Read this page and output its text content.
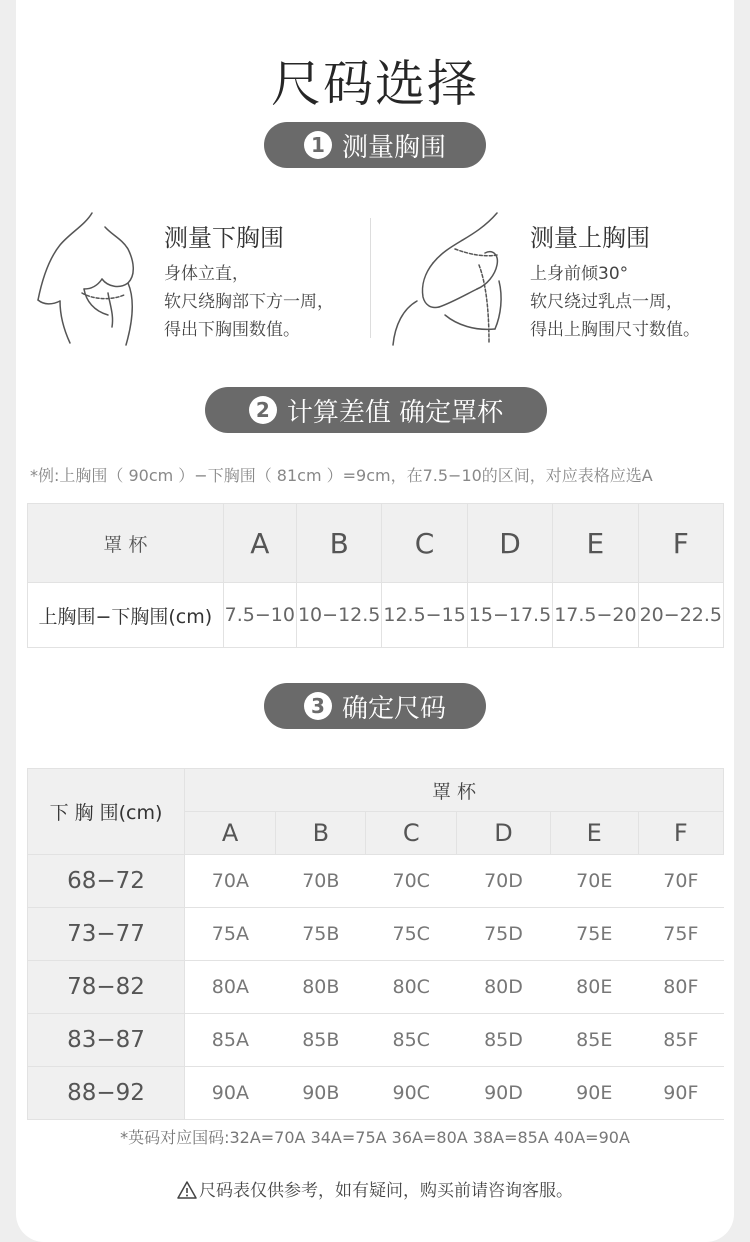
尺码选择
1 测量胸围
测量下胸围
身体立直，
软尺绕胸部下方一周，
得出下胸围数值。
测量上胸围
上身前倾30°
软尺绕过乳点一周，
得出上胸围尺寸数值。
2 计算差值 确定罩杯
*例:上胸围（ 90cm ）−下胸围（ 81cm ）=9cm，在7.5−10的区间，对应表格应选A
罩 杯	A	B	C	D	E	F
上胸围−下胸围(cm)	7.5−10	10−12.5	12.5−15	15−17.5	17.5−20	20−22.5
3 确定尺码
下 胸 围(cm)	罩 杯					
	A	B	C	D	E	F
68−72	70A	70B	70C	70D	70E	70F
73−77	75A	75B	75C	75D	75E	75F
78−82	80A	80B	80C	80D	80E	80F
83−87	85A	85B	85C	85D	85E	85F
88−92	90A	90B	90C	90D	90E	90F
*英码对应国码:32A=70A 34A=75A 36A=80A 38A=85A 40A=90A
尺码表仅供参考，如有疑问，购买前请咨询客服。
